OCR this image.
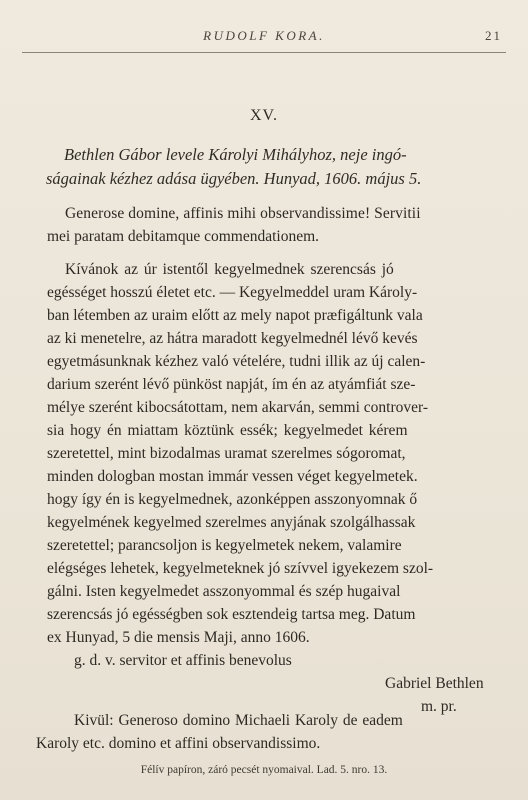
RUDOLF KORA.	21
XV.
Bethlen Gábor levele Károlyi Mihályhoz, neje ingó-
ságainak kézhez adása ügyében. Hunyad, 1606. május 5.
Generose domine, affinis mihi observandissime! Servitii
mei paratam debitamque commendationem.
Kívánok az úr istentől kegyelmednek szerencsás jó
egésséget hosszú életet etc. — Kegyelmeddel uram Károly-
ban létemben az uraim előtt az mely napot præfigáltunk vala
az ki menetelre, az hátra maradott kegyelmednél lévő kevés
egyetmásunknak kézhez való vételére, tudni illik az új calen-
darium szerént lévő pünköst napját, ím én az atyámfiát sze-
mélye szerént kibocsátottam, nem akarván, semmi controver-
sia hogy én miattam köztünk essék; kegyelmedet kérem
szeretettel, mint bizodalmas uramat szerelmes sógoromat,
minden dologban mostan immár vessen véget kegyelmetek.
hogy így én is kegyelmednek, azonképpen asszonyomnak ő
kegyelmének kegyelmed szerelmes anyjának szolgálhassak
szeretettel; parancsoljon is kegyelmetek nekem, valamire
elégséges lehetek, kegyelmeteknek jó szívvel igyekezem szol-
gálni. Isten kegyelmedet asszonyommal és szép hugaival
szerencsás jó egésségben sok esztendeig tartsa meg. Datum
ex Hunyad, 5 die mensis Maji, anno 1606.
g. d. v. servitor et affinis benevolus
Gabriel Bethlen
m. pr.
Kivül: Generoso domino Michaeli Karoly de eadem
Karoly etc. domino et affini observandissimo.
Félív papíron, záró pecsét nyomaival. Lad. 5. nro. 13.
